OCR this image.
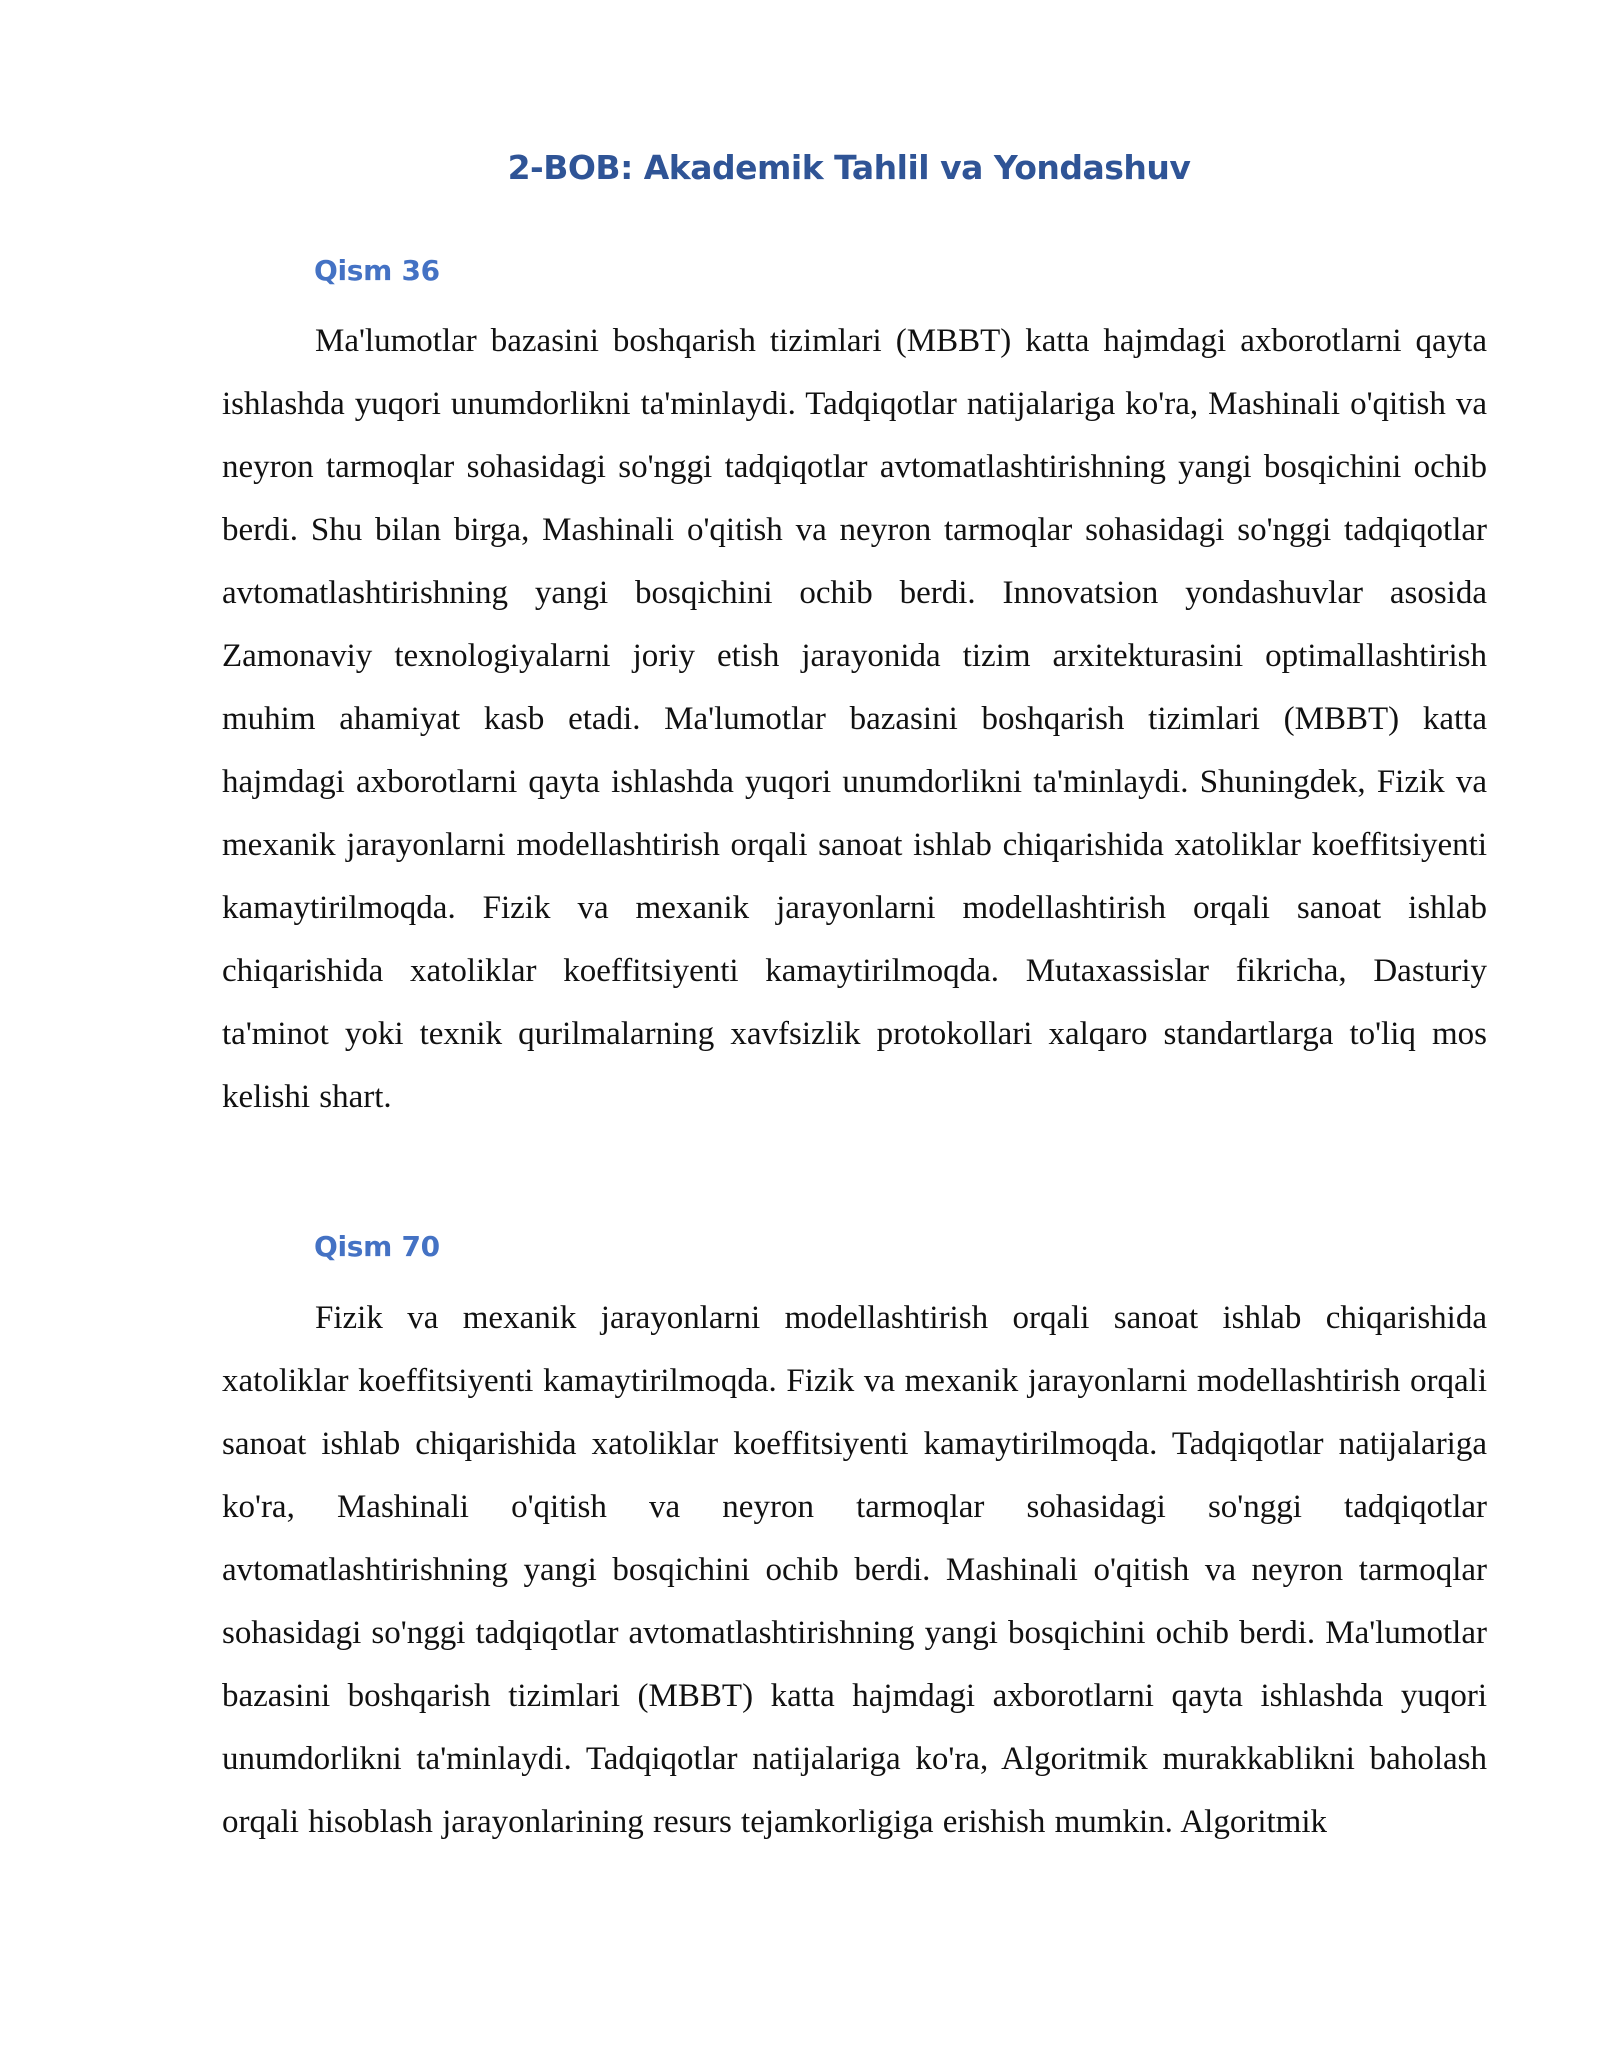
2-BOB: Akademik Tahlil va Yondashuv
Qism 36

Ma'lumotlar bazasini boshqarish tizimlari (MBBT) katta hajmdagi axborotlarni qayta ishlashda yuqori unumdorlikni ta'minlaydi. Tadqiqotlar natijalariga ko'ra, Mashinali o'qitish va neyron tarmoqlar sohasidagi so'nggi tadqiqotlar avtomatlashtirishning yangi bosqichini ochib berdi. Shu bilan birga, Mashinali o'qitish va neyron tarmoqlar sohasidagi so'nggi tadqiqotlar avtomatlashtirishning yangi bosqichini ochib berdi. Innovatsion yondashuvlar asosida Zamonaviy texnologiyalarni joriy etish jarayonida tizim arxitekturasini optimallashtirish muhim ahamiyat kasb etadi. Ma'lumotlar bazasini boshqarish tizimlari (MBBT) katta hajmdagi axborotlarni qayta ishlashda yuqori unumdorlikni ta'minlaydi. Shuningdek, Fizik va mexanik jarayonlarni modellashtirish orqali sanoat ishlab chiqarishida xatoliklar koeffitsiyenti kamaytirilmoqda. Fizik va mexanik jarayonlarni modellashtirish orqali sanoat ishlab chiqarishida xatoliklar koeffitsiyenti kamaytirilmoqda. Mutaxassislar fikricha, Dasturiy ta'minot yoki texnik qurilmalarning xavfsizlik protokollari xalqaro standartlarga to'liq mos kelishi shart.

Qism 70

Fizik va mexanik jarayonlarni modellashtirish orqali sanoat ishlab chiqarishida xatoliklar koeffitsiyenti kamaytirilmoqda. Fizik va mexanik jarayonlarni modellashtirish orqali sanoat ishlab chiqarishida xatoliklar koeffitsiyenti kamaytirilmoqda. Tadqiqotlar natijalariga ko'ra, Mashinali o'qitish va neyron tarmoqlar sohasidagi so'nggi tadqiqotlar avtomatlashtirishning yangi bosqichini ochib berdi. Mashinali o'qitish va neyron tarmoqlar sohasidagi so'nggi tadqiqotlar avtomatlashtirishning yangi bosqichini ochib berdi. Ma'lumotlar bazasini boshqarish tizimlari (MBBT) katta hajmdagi axborotlarni qayta ishlashda yuqori unumdorlikni ta'minlaydi. Tadqiqotlar natijalariga ko'ra, Algoritmik murakkablikni baholash orqali hisoblash jarayonlarining resurs tejamkorligiga erishish mumkin. Algoritmik
